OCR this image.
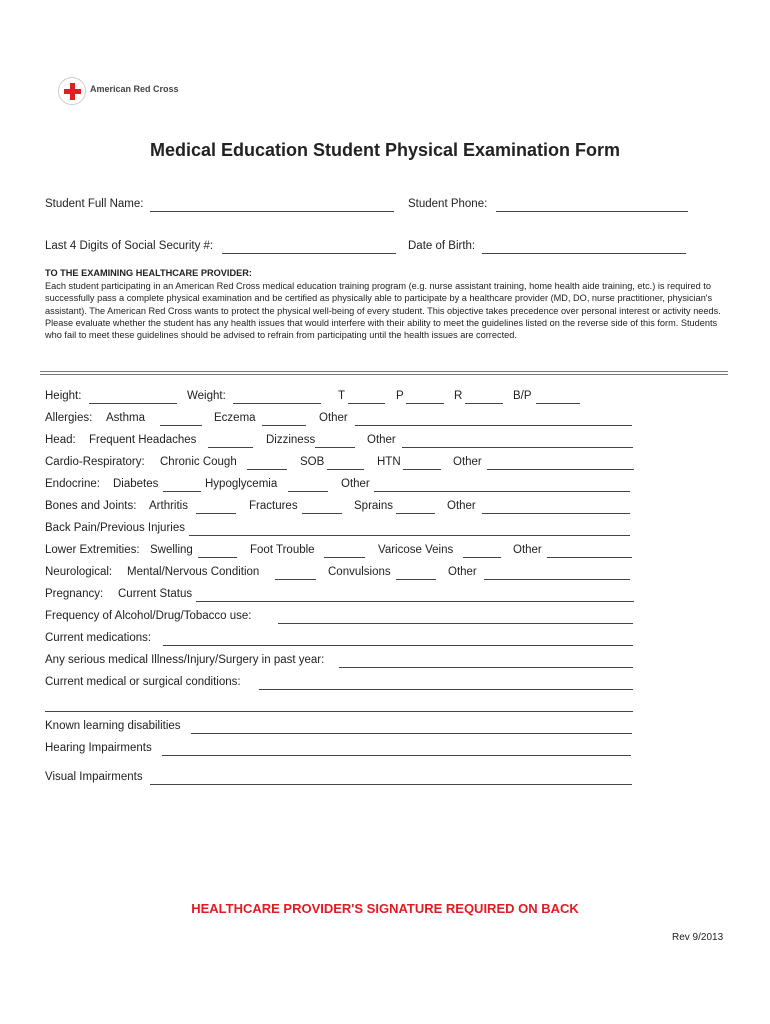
American Red Cross
Medical Education Student Physical Examination Form
Student Full Name:	Student Phone:
Last 4 Digits of Social Security #:	Date of Birth:
TO THE EXAMINING HEALTHCARE PROVIDER:
Each student participating in an American Red Cross medical education training program (e.g. nurse assistant training, home health aide training, etc.) is required to successfully pass a complete physical examination and be certified as physically able to participate by a healthcare provider (MD, DO, nurse practitioner, physician's assistant). The American Red Cross wants to protect the physical well-being of every student. This objective takes precedence over personal interest or activity needs. Please evaluate whether the student has any health issues that would interfere with their ability to meet the guidelines listed on the reverse side of this form. Students who fail to meet these guidelines should be advised to refrain from participating until the health issues are corrected.
Height:	Weight:	T	P	R	B/P
Allergies: Asthma	Eczema	Other
Head: Frequent Headaches	Dizziness	Other
Cardio-Respiratory: Chronic Cough	SOB	HTN	Other
Endocrine: Diabetes	Hypoglycemia	Other
Bones and Joints: Arthritis	Fractures	Sprains	Other
Back Pain/Previous Injuries
Lower Extremities: Swelling	Foot Trouble	Varicose Veins	Other
Neurological: Mental/Nervous Condition	Convulsions	Other
Pregnancy: Current Status
Frequency of Alcohol/Drug/Tobacco use:
Current medications:
Any serious medical Illness/Injury/Surgery in past year:
Current medical or surgical conditions:
Known learning disabilities
Hearing Impairments
Visual Impairments
HEALTHCARE PROVIDER'S SIGNATURE REQUIRED ON BACK
Rev 9/2013
